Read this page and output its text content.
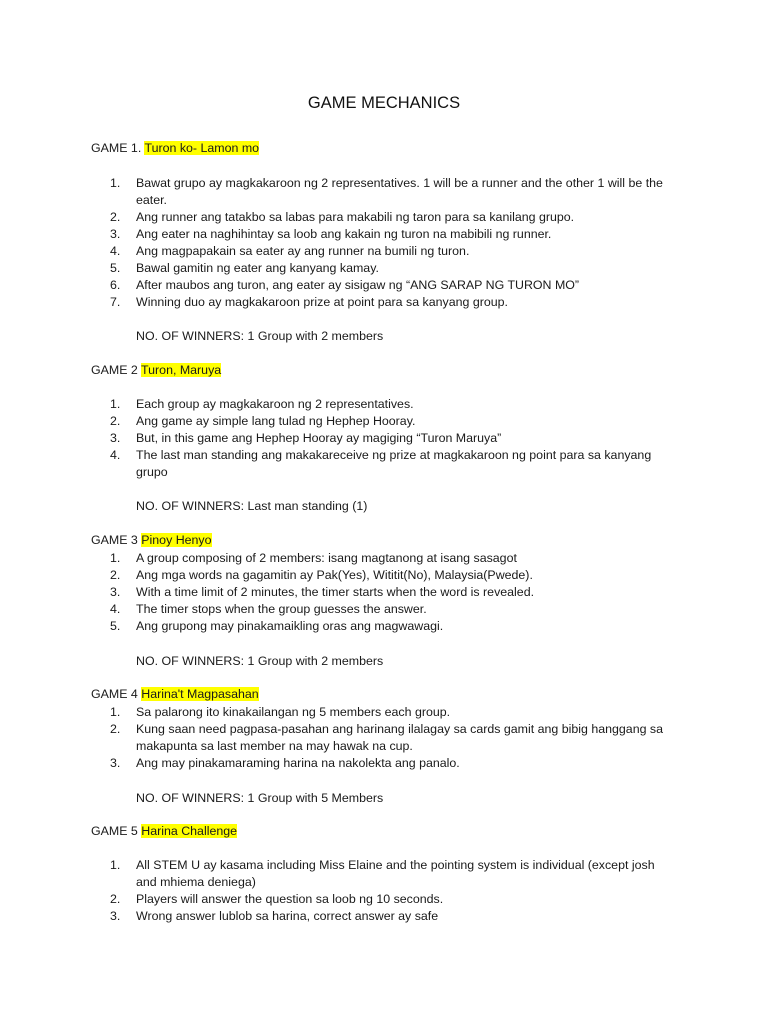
GAME MECHANICS
GAME 1. Turon ko- Lamon mo
1.	Bawat grupo ay magkakaroon ng 2 representatives. 1 will be a runner and the other 1 will be the eater.
2.	Ang runner ang tatakbo sa labas para makabili ng taron para sa kanilang grupo.
3.	Ang eater na naghihintay sa loob ang kakain ng turon na mabibili ng runner.
4.	Ang magpapakain sa eater ay ang runner na bumili ng turon.
5.	Bawal gamitin ng eater ang kanyang kamay.
6.	After maubos ang turon, ang eater ay sisigaw ng “ANG SARAP NG TURON MO”
7.	Winning duo ay magkakaroon prize at point para sa kanyang group.
NO. OF WINNERS: 1 Group with 2 members
GAME 2 Turon, Maruya
1.	Each group ay magkakaroon ng 2 representatives.
2.	Ang game ay simple lang tulad ng Hephep Hooray.
3.	But, in this game ang Hephep Hooray ay magiging “Turon Maruya”
4.	The last man standing ang makakareceive ng prize at magkakaroon ng point para sa kanyang grupo
NO. OF WINNERS: Last man standing (1)
GAME 3 Pinoy Henyo
1.	A group composing of 2 members: isang magtanong at isang sasagot
2.	Ang mga words na gagamitin ay Pak(Yes), Wititit(No), Malaysia(Pwede).
3.	With a time limit of 2 minutes, the timer starts when the word is revealed.
4.	The timer stops when the group guesses the answer.
5.	Ang grupong may pinakamaikling oras ang magwawagi.
NO. OF WINNERS: 1 Group with 2 members
GAME 4 Harina't Magpasahan
1.	Sa palarong ito kinakailangan ng 5 members each group.
2.	Kung saan need pagpasa-pasahan ang harinang ilalagay sa cards gamit ang bibig hanggang sa makapunta sa last member na may hawak na cup.
3.	Ang may pinakamaraming harina na nakolekta ang panalo.
NO. OF WINNERS: 1 Group with 5 Members
GAME 5 Harina Challenge
1.	All STEM U ay kasama including Miss Elaine and the pointing system is individual (except josh and mhiema deniega)
2.	Players will answer the question sa loob ng 10 seconds.
3.	Wrong answer lublob sa harina, correct answer ay safe
